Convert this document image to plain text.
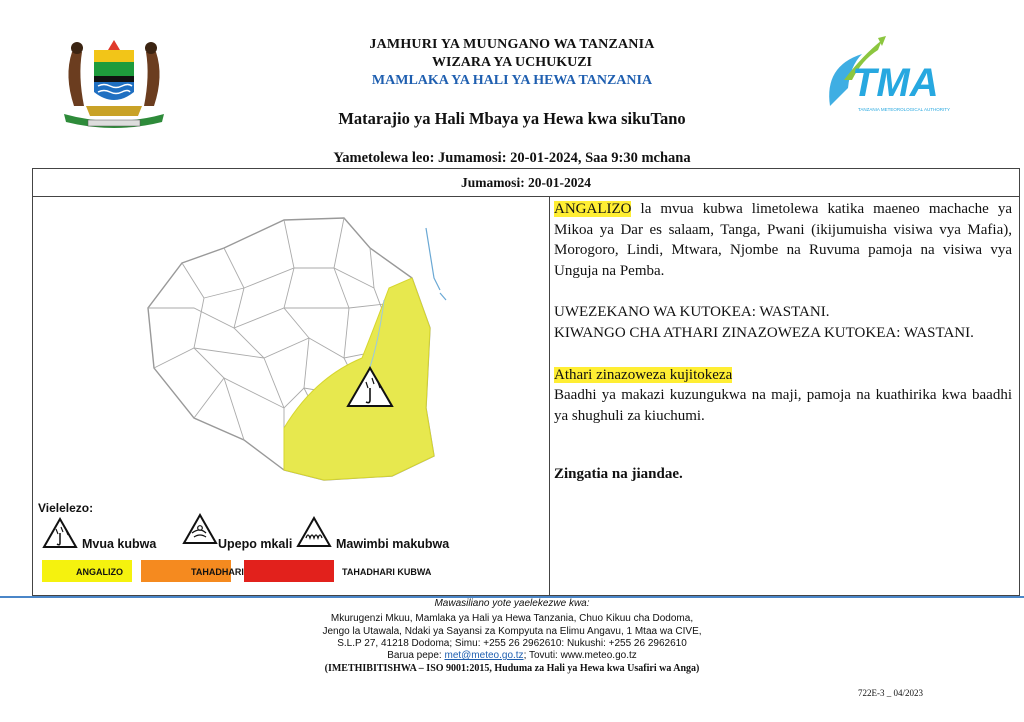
TMA
TANZANIA METEOROLOGICAL AUTHORITY
JAMHURI YA MUUNGANO WA TANZANIA
WIZARA YA UCHUKUZI
MAMLAKA YA HALI YA HEWA TANZANIA
Matarajio ya Hali Mbaya ya Hewa kwa sikuTano
Yametolewa leo: Jumamosi: 20-01-2024, Saa 9:30 mchana
Jumamosi: 20-01-2024
Vielelezo:
Mvua kubwa	Upepo mkali	Mawimbi makubwa
ANGALIZO	TAHADHARI	TAHADHARI KUBWA

ANGALIZO la mvua kubwa limetolewa katika maeneo machache ya Mikoa ya Dar es salaam, Tanga, Pwani (ikijumuisha visiwa vya Mafia), Morogoro, Lindi, Mtwara, Njombe na Ruvuma pamoja na visiwa vya Unguja na Pemba.

UWEZEKANO WA KUTOKEA: WASTANI.

KIWANGO CHA ATHARI ZINAZOWEZA KUTOKEA: WASTANI.

Athari zinazoweza kujitokeza

Baadhi ya makazi kuzungukwa na maji, pamoja na kuathirika kwa baadhi ya shughuli za kiuchumi.

Zingatia na jiandae.

Mawasiliano yote yaelekezwe kwa:
Mkurugenzi Mkuu, Mamlaka ya Hali ya Hewa Tanzania, Chuo Kikuu cha Dodoma,
Jengo la Utawala, Ndaki ya Sayansi za Kompyuta na Elimu Angavu, 1 Mtaa wa CIVE,
S.L.P 27, 41218 Dodoma; Simu: +255 26 2962610: Nukushi: +255 26 2962610
Barua pepe: met@meteo.go.tz; Tovuti: www.meteo.go.tz
(IMETHIBITISHWA – ISO 9001:2015, Huduma za Hali ya Hewa kwa Usafiri wa Anga)
722E-3 _ 04/2023
